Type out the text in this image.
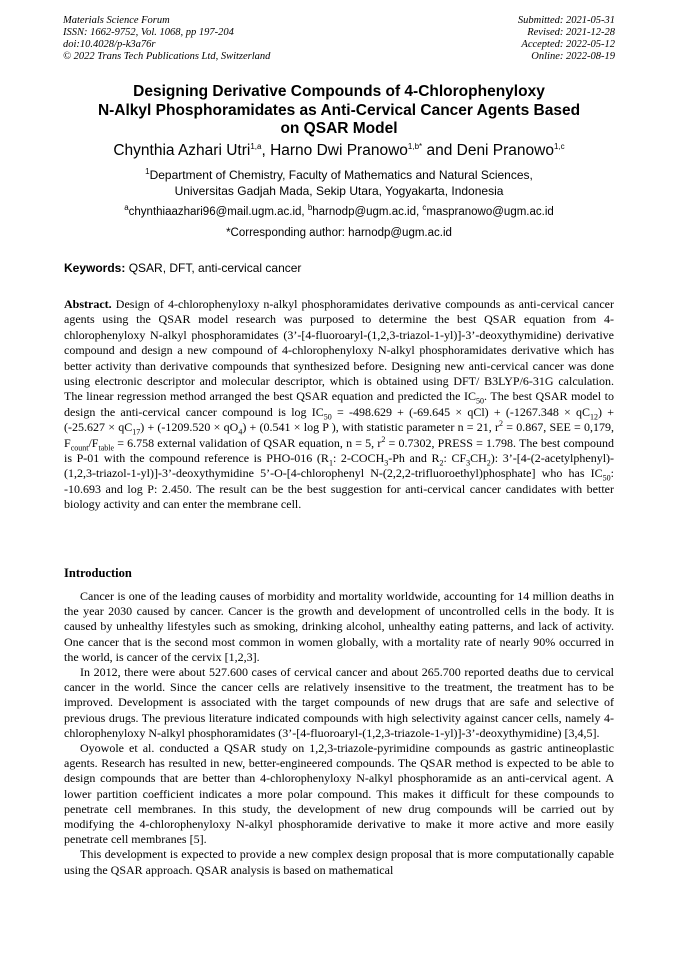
Materials Science Forum
ISSN: 1662-9752, Vol. 1068, pp 197-204
doi:10.4028/p-k3a76r
© 2022 Trans Tech Publications Ltd, Switzerland
Submitted: 2021-05-31
Revised: 2021-12-28
Accepted: 2022-05-12
Online: 2022-08-19
Designing Derivative Compounds of 4-Chlorophenyloxy
N-Alkyl Phosphoramidates as Anti-Cervical Cancer Agents Based
on QSAR Model
Chynthia Azhari Utri$^{1,a}$, Harno Dwi Pranowo$^{1,b*}$ and Deni Pranowo$^{1,c}$
$^1$Department of Chemistry, Faculty of Mathematics and Natural Sciences,
Universitas Gadjah Mada, Sekip Utara, Yogyakarta, Indonesia
$^a$chynthiaazhari96@mail.ugm.ac.id, $^b$harnodp@ugm.ac.id, $^c$maspranowo@ugm.ac.id
*Corresponding author: harnodp@ugm.ac.id
Keywords: QSAR, DFT, anti-cervical cancer
Abstract. Design of 4-chlorophenyloxy n-alkyl phosphoramidates derivative compounds as anti-cervical cancer agents using the QSAR model research was purposed to determine the best QSAR equation from 4-chlorophenyloxy N-alkyl phosphoramidates (3’-[4-fluoroaryl-(1,2,3-triazol-1-yl)]-3’-deoxythymidine) derivative compound and design a new compound of 4-chlorophenyloxy N-alkyl phosphoramidates derivative which has better activity than derivative compounds that synthesized before. Designing new anti-cervical cancer was done using electronic descriptor and molecular descriptor, which is obtained using DFT/ B3LYP/6-31G calculation. The linear regression method arranged the best QSAR equation and predicted the $IC_{50}$. The best QSAR model to design the anti-cervical cancer compound is $\log IC_{50} = -498.629 + (-69.645 \times qCl) + (-1267.348 \times qC_{12}) + (-25.627 \times qC_{17}) + (-1209.520 \times qO_4) + (0.541 \times \log P$ ), with statistic parameter n = 21, $r^2 = 0.867$, SEE = 0,179, $F_{count}/F_{table} = 6.758$ external validation of QSAR equation, n = 5, $r^2 = 0.7302$, PRESS = 1.798. The best compound is P-01 with the compound reference is PHO-016 ($R_1$: $2-COCH_3-Ph$ and $R_2$: $CF_3CH_2$): 3’-[4-(2-acetylphenyl)-(1,2,3-triazol-1-yl)]-3’-deoxythymidine 5’-O-[4-chlorophenyl N-(2,2,2-trifluoroethyl)phosphate] who has $IC_{50}$: -10.693 and log P: 2.450. The result can be the best suggestion for anti-cervical cancer candidates with better biology activity and can enter the membrane cell.
Introduction

Cancer is one of the leading causes of morbidity and mortality worldwide, accounting for 14 million deaths in the year 2030 caused by cancer. Cancer is the growth and development of uncontrolled cells in the body. It is caused by unhealthy lifestyles such as smoking, drinking alcohol, unhealthy eating patterns, and lack of activity. One cancer that is the second most common in women globally, with a mortality rate of nearly 90% occurred in the world, is cancer of the cervix [1,2,3].

In 2012, there were about 527.600 cases of cervical cancer and about 265.700 reported deaths due to cervical cancer in the world. Since the cancer cells are relatively insensitive to the treatment, the treatment has to be improved. Development is associated with the target compounds of new drugs that are safe and selective of previous drugs. The previous literature indicated compounds with high selectivity against cancer cells, namely 4-chlorophenyloxy N-alkyl phosphoramidates (3’-[4-fluoroaryl-(1,2,3-triazole-1-yl)]-3’-deoxythymidine) [3,4,5].

Oyowole et al. conducted a QSAR study on 1,2,3-triazole-pyrimidine compounds as gastric antineoplastic agents. Research has resulted in new, better-engineered compounds. The QSAR method is expected to be able to design compounds that are better than 4-chlorophenyloxy N-alkyl phosphoramide as an anti-cervical agent. A lower partition coefficient indicates a more polar compound. This makes it difficult for these compounds to penetrate cell membranes. In this study, the development of new drug compounds will be carried out by modifying the 4-chlorophenyloxy N-alkyl phosphoramide derivative to make it more active and more easily penetrate cell membranes [5].

This development is expected to provide a new complex design proposal that is more computationally capable using the QSAR approach. QSAR analysis is based on mathematical
